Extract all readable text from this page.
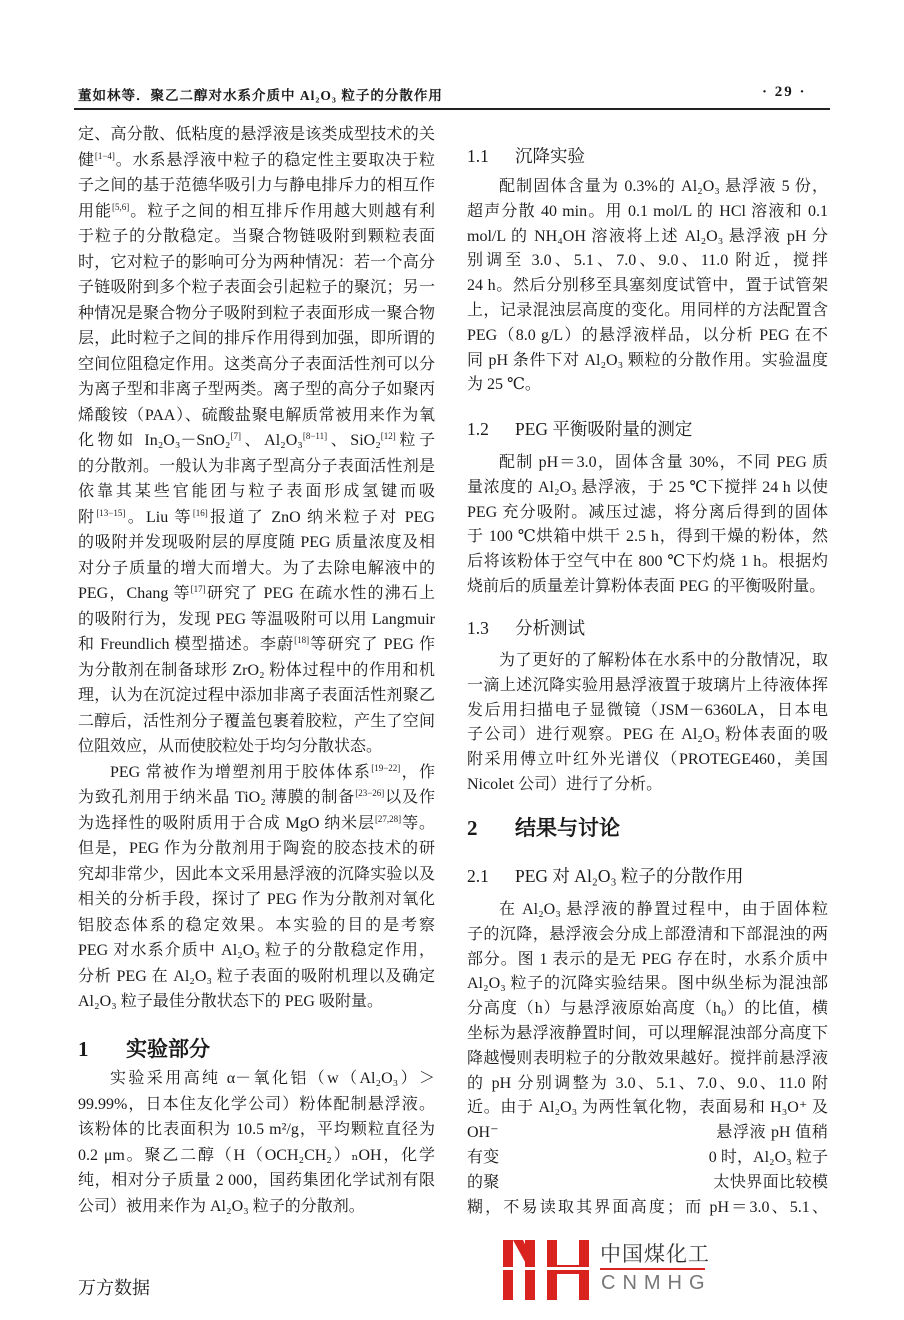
董如林等．聚乙二醇对水系介质中 Al₂O₃ 粒子的分散作用	· 29 ·
定、高分散、低粘度的悬浮液是该类成型技术的关
健[1−4]。水系悬浮液中粒子的稳定性主要取决于粒
子之间的基于范德华吸引力与静电排斥力的相互作
用能[5,6]。粒子之间的相互排斥作用越大则越有利
于粒子的分散稳定。当聚合物链吸附到颗粒表面
时，它对粒子的影响可分为两种情况：若一个高分
子链吸附到多个粒子表面会引起粒子的聚沉；另一
种情况是聚合物分子吸附到粒子表面形成一聚合物
层，此时粒子之间的排斥作用得到加强，即所谓的
空间位阻稳定作用。这类高分子表面活性剂可以分
为离子型和非离子型两类。离子型的高分子如聚丙
烯酸铵（PAA）、硫酸盐聚电解质常被用来作为氧
化物如 In₂O₃－SnO₂[7]、Al₂O₃[8−11]、SiO₂[12]粒子
的分散剂。一般认为非离子型高分子表面活性剂是
依靠其某些官能团与粒子表面形成氢键而吸
附[13−15]。Liu 等[16]报道了 ZnO 纳米粒子对 PEG
的吸附并发现吸附层的厚度随 PEG 质量浓度及相
对分子质量的增大而增大。为了去除电解液中的
PEG，Chang 等[17]研究了 PEG 在疏水性的沸石上
的吸附行为，发现 PEG 等温吸附可以用 Langmuir
和 Freundlich 模型描述。李蔚[18]等研究了 PEG 作
为分散剂在制备球形 ZrO₂ 粉体过程中的作用和机
理，认为在沉淀过程中添加非离子表面活性剂聚乙
二醇后，活性剂分子覆盖包裹着胶粒，产生了空间
位阻效应，从而使胶粒处于均匀分散状态。
PEG 常被作为增塑剂用于胶体体系[19−22]，作
为致孔剂用于纳米晶 TiO₂ 薄膜的制备[23−26]以及作
为选择性的吸附质用于合成 MgO 纳米层[27,28]等。
但是，PEG 作为分散剂用于陶瓷的胶态技术的研
究却非常少，因此本文采用悬浮液的沉降实验以及
相关的分析手段，探讨了 PEG 作为分散剂对氧化
铝胶态体系的稳定效果。本实验的目的是考察
PEG 对水系介质中 Al₂O₃ 粒子的分散稳定作用，
分析 PEG 在 Al₂O₃ 粒子表面的吸附机理以及确定
Al₂O₃ 粒子最佳分散状态下的 PEG 吸附量。
1 实验部分
实验采用高纯 α－氧化铝（w（Al₂O₃）＞
99.99%，日本住友化学公司）粉体配制悬浮液。
该粉体的比表面积为 10.5 m²/g，平均颗粒直径为
0.2 μm。聚乙二醇（H（OCH₂CH₂）ₙOH，化学
纯，相对分子质量 2 000，国药集团化学试剂有限
公司）被用来作为 Al₂O₃ 粒子的分散剂。
1.1 沉降实验
配制固体含量为 0.3%的 Al₂O₃ 悬浮液 5 份，
超声分散 40 min。用 0.1 mol/L 的 HCl 溶液和 0.1
mol/L 的 NH₄OH 溶液将上述 Al₂O₃ 悬浮液 pH 分
别调至 3.0、5.1、7.0、9.0、11.0 附近，搅拌
24 h。然后分别移至具塞刻度试管中，置于试管架
上，记录混浊层高度的变化。用同样的方法配置含
PEG（8.0 g/L）的悬浮液样品，以分析 PEG 在不
同 pH 条件下对 Al₂O₃ 颗粒的分散作用。实验温度
为 25 ℃。
1.2 PEG 平衡吸附量的测定
配制 pH＝3.0，固体含量 30%，不同 PEG 质
量浓度的 Al₂O₃ 悬浮液，于 25 ℃下搅拌 24 h 以使
PEG 充分吸附。减压过滤，将分离后得到的固体
于 100 ℃烘箱中烘干 2.5 h，得到干燥的粉体，然
后将该粉体于空气中在 800 ℃下灼烧 1 h。根据灼
烧前后的质量差计算粉体表面 PEG 的平衡吸附量。
1.3 分析测试
为了更好的了解粉体在水系中的分散情况，取
一滴上述沉降实验用悬浮液置于玻璃片上待液体挥
发后用扫描电子显微镜（JSM－6360LA，日本电
子公司）进行观察。PEG 在 Al₂O₃ 粉体表面的吸
附采用傅立叶红外光谱仪（PROTEGE460，美国
Nicolet 公司）进行了分析。
2 结果与讨论
2.1 PEG 对 Al₂O₃ 粒子的分散作用
在 Al₂O₃ 悬浮液的静置过程中，由于固体粒
子的沉降，悬浮液会分成上部澄清和下部混浊的两
部分。图 1 表示的是无 PEG 存在时，水系介质中
Al₂O₃ 粒子的沉降实验结果。图中纵坐标为混浊部
分高度（h）与悬浮液原始高度（h₀）的比值，横
坐标为悬浮液静置时间，可以理解混浊部分高度下
降越慢则表明粒子的分散效果越好。搅拌前悬浮液
的 pH 分别调整为 3.0、5.1、7.0、9.0、11.0 附
近。由于 Al₂O₃ 为两性氧化物，表面易和 H₃O⁺ 及
OH⁻　　　　　　　　　　　　　悬浮液 pH 值稍
有变　　　　　　　　　　　　　0 时，Al₂O₃ 粒子
的聚　　　　　　　　　　　　　太快界面比较模
糊，不易读取其界面高度；而 pH＝3.0、5.1、
中国煤化工
CNMHG
万方数据
